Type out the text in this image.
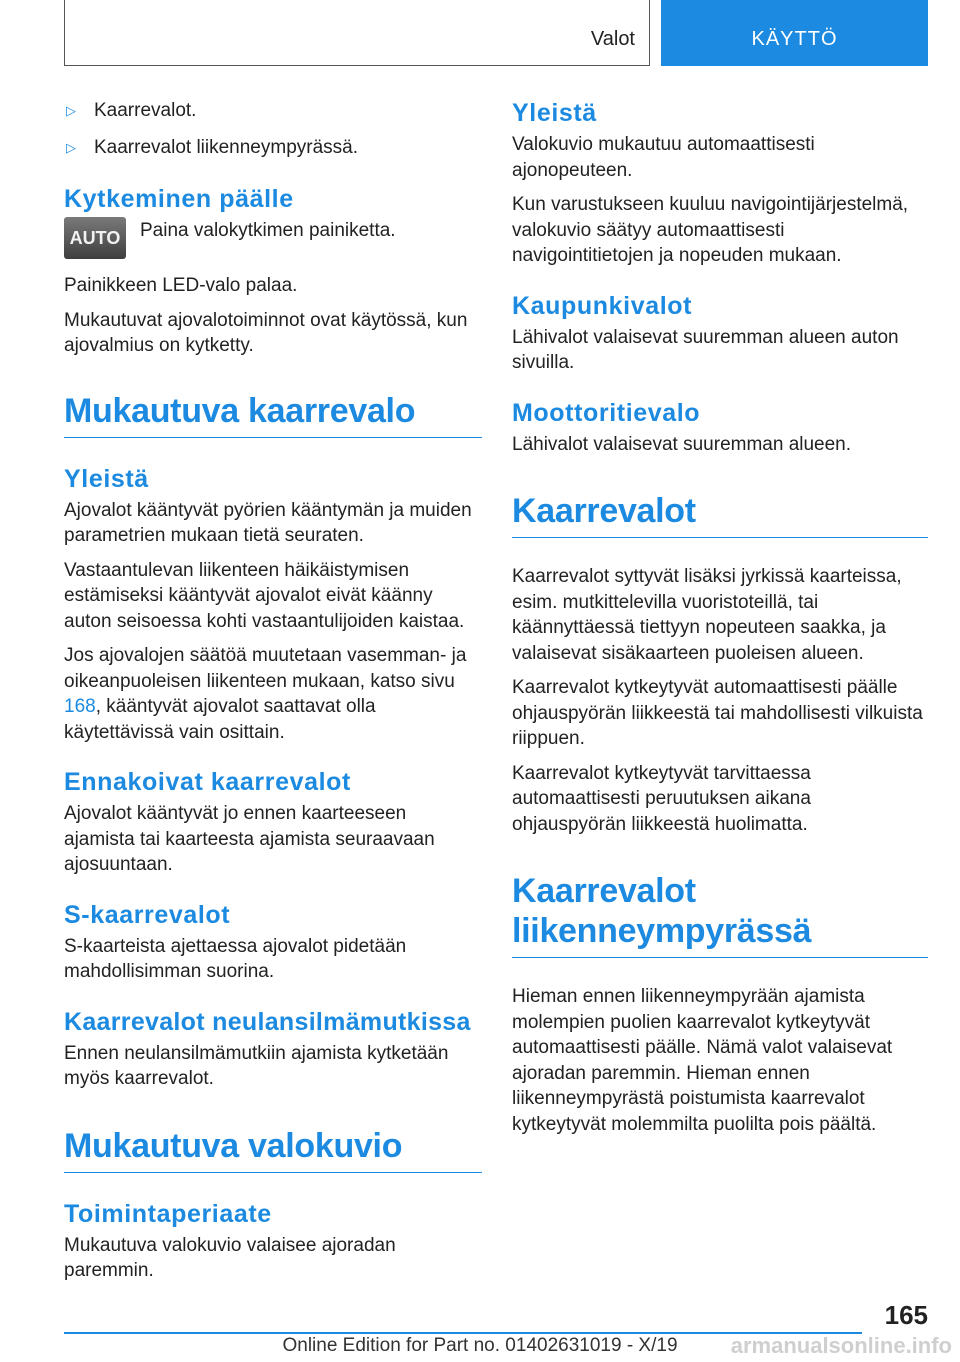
Valot	KÄYTTÖ
▷ Kaarrevalot.
▷ Kaarrevalot liikenneympyrässä.
Kytkeminen päälle
AUTO Paina valokytkimen painiketta.

Painikkeen LED-valo palaa.

Mukautuvat ajovalotoiminnot ovat käytössä, kun ajovalmius on kytketty.

Mukautuva kaarrevalo
Yleistä

Ajovalot kääntyvät pyörien kääntymän ja muiden parametrien mukaan tietä seuraten.

Vastaantulevan liikenteen häikäistymisen estämiseksi kääntyvät ajovalot eivät käänny auton seisoessa kohti vastaantulijoiden kaistaa.

Jos ajovalojen säätöä muutetaan vasemman- ja oikeanpuoleisen liikenteen mukaan, katso sivu 168, kääntyvät ajovalot saattavat olla käytettävissä vain osittain.

Ennakoivat kaarrevalot

Ajovalot kääntyvät jo ennen kaarteeseen ajamista tai kaarteesta ajamista seuraavaan ajosuuntaan.

S-kaarrevalot

S-kaarteista ajettaessa ajovalot pidetään mahdollisimman suorina.

Kaarrevalot neulansilmämutkissa

Ennen neulansilmämutkiin ajamista kytketään myös kaarrevalot.

Mukautuva valokuvio
Toimintaperiaate

Mukautuva valokuvio valaisee ajoradan paremmin.

Yleistä

Valokuvio mukautuu automaattisesti ajonopeuteen.

Kun varustukseen kuuluu navigointijärjestelmä, valokuvio säätyy automaattisesti navigointitietojen ja nopeuden mukaan.

Kaupunkivalot

Lähivalot valaisevat suuremman alueen auton sivuilla.

Moottoritievalo

Lähivalot valaisevat suuremman alueen.

Kaarrevalot

Kaarrevalot syttyvät lisäksi jyrkissä kaarteissa, esim. mutkittelevilla vuoristoteillä, tai käännyttäessä tiettyyn nopeuteen saakka, ja valaisevat sisäkaarteen puoleisen alueen.

Kaarrevalot kytkeytyvät automaattisesti päälle ohjauspyörän liikkeestä tai mahdollisesti vilkuista riippuen.

Kaarrevalot kytkeytyvät tarvittaessa automaattisesti peruutuksen aikana ohjauspyörän liikkeestä huolimatta.

Kaarrevalot liikenneympyrässä

Hieman ennen liikenneympyrään ajamista molempien puolien kaarrevalot kytkeytyvät automaattisesti päälle. Nämä valot valaisevat ajoradan paremmin. Hieman ennen liikenneympyrästä poistumista kaarrevalot kytkeytyvät molemmilta puolilta pois päältä.

165
Online Edition for Part no. 01402631019 - X/19	armanualsonline.info
